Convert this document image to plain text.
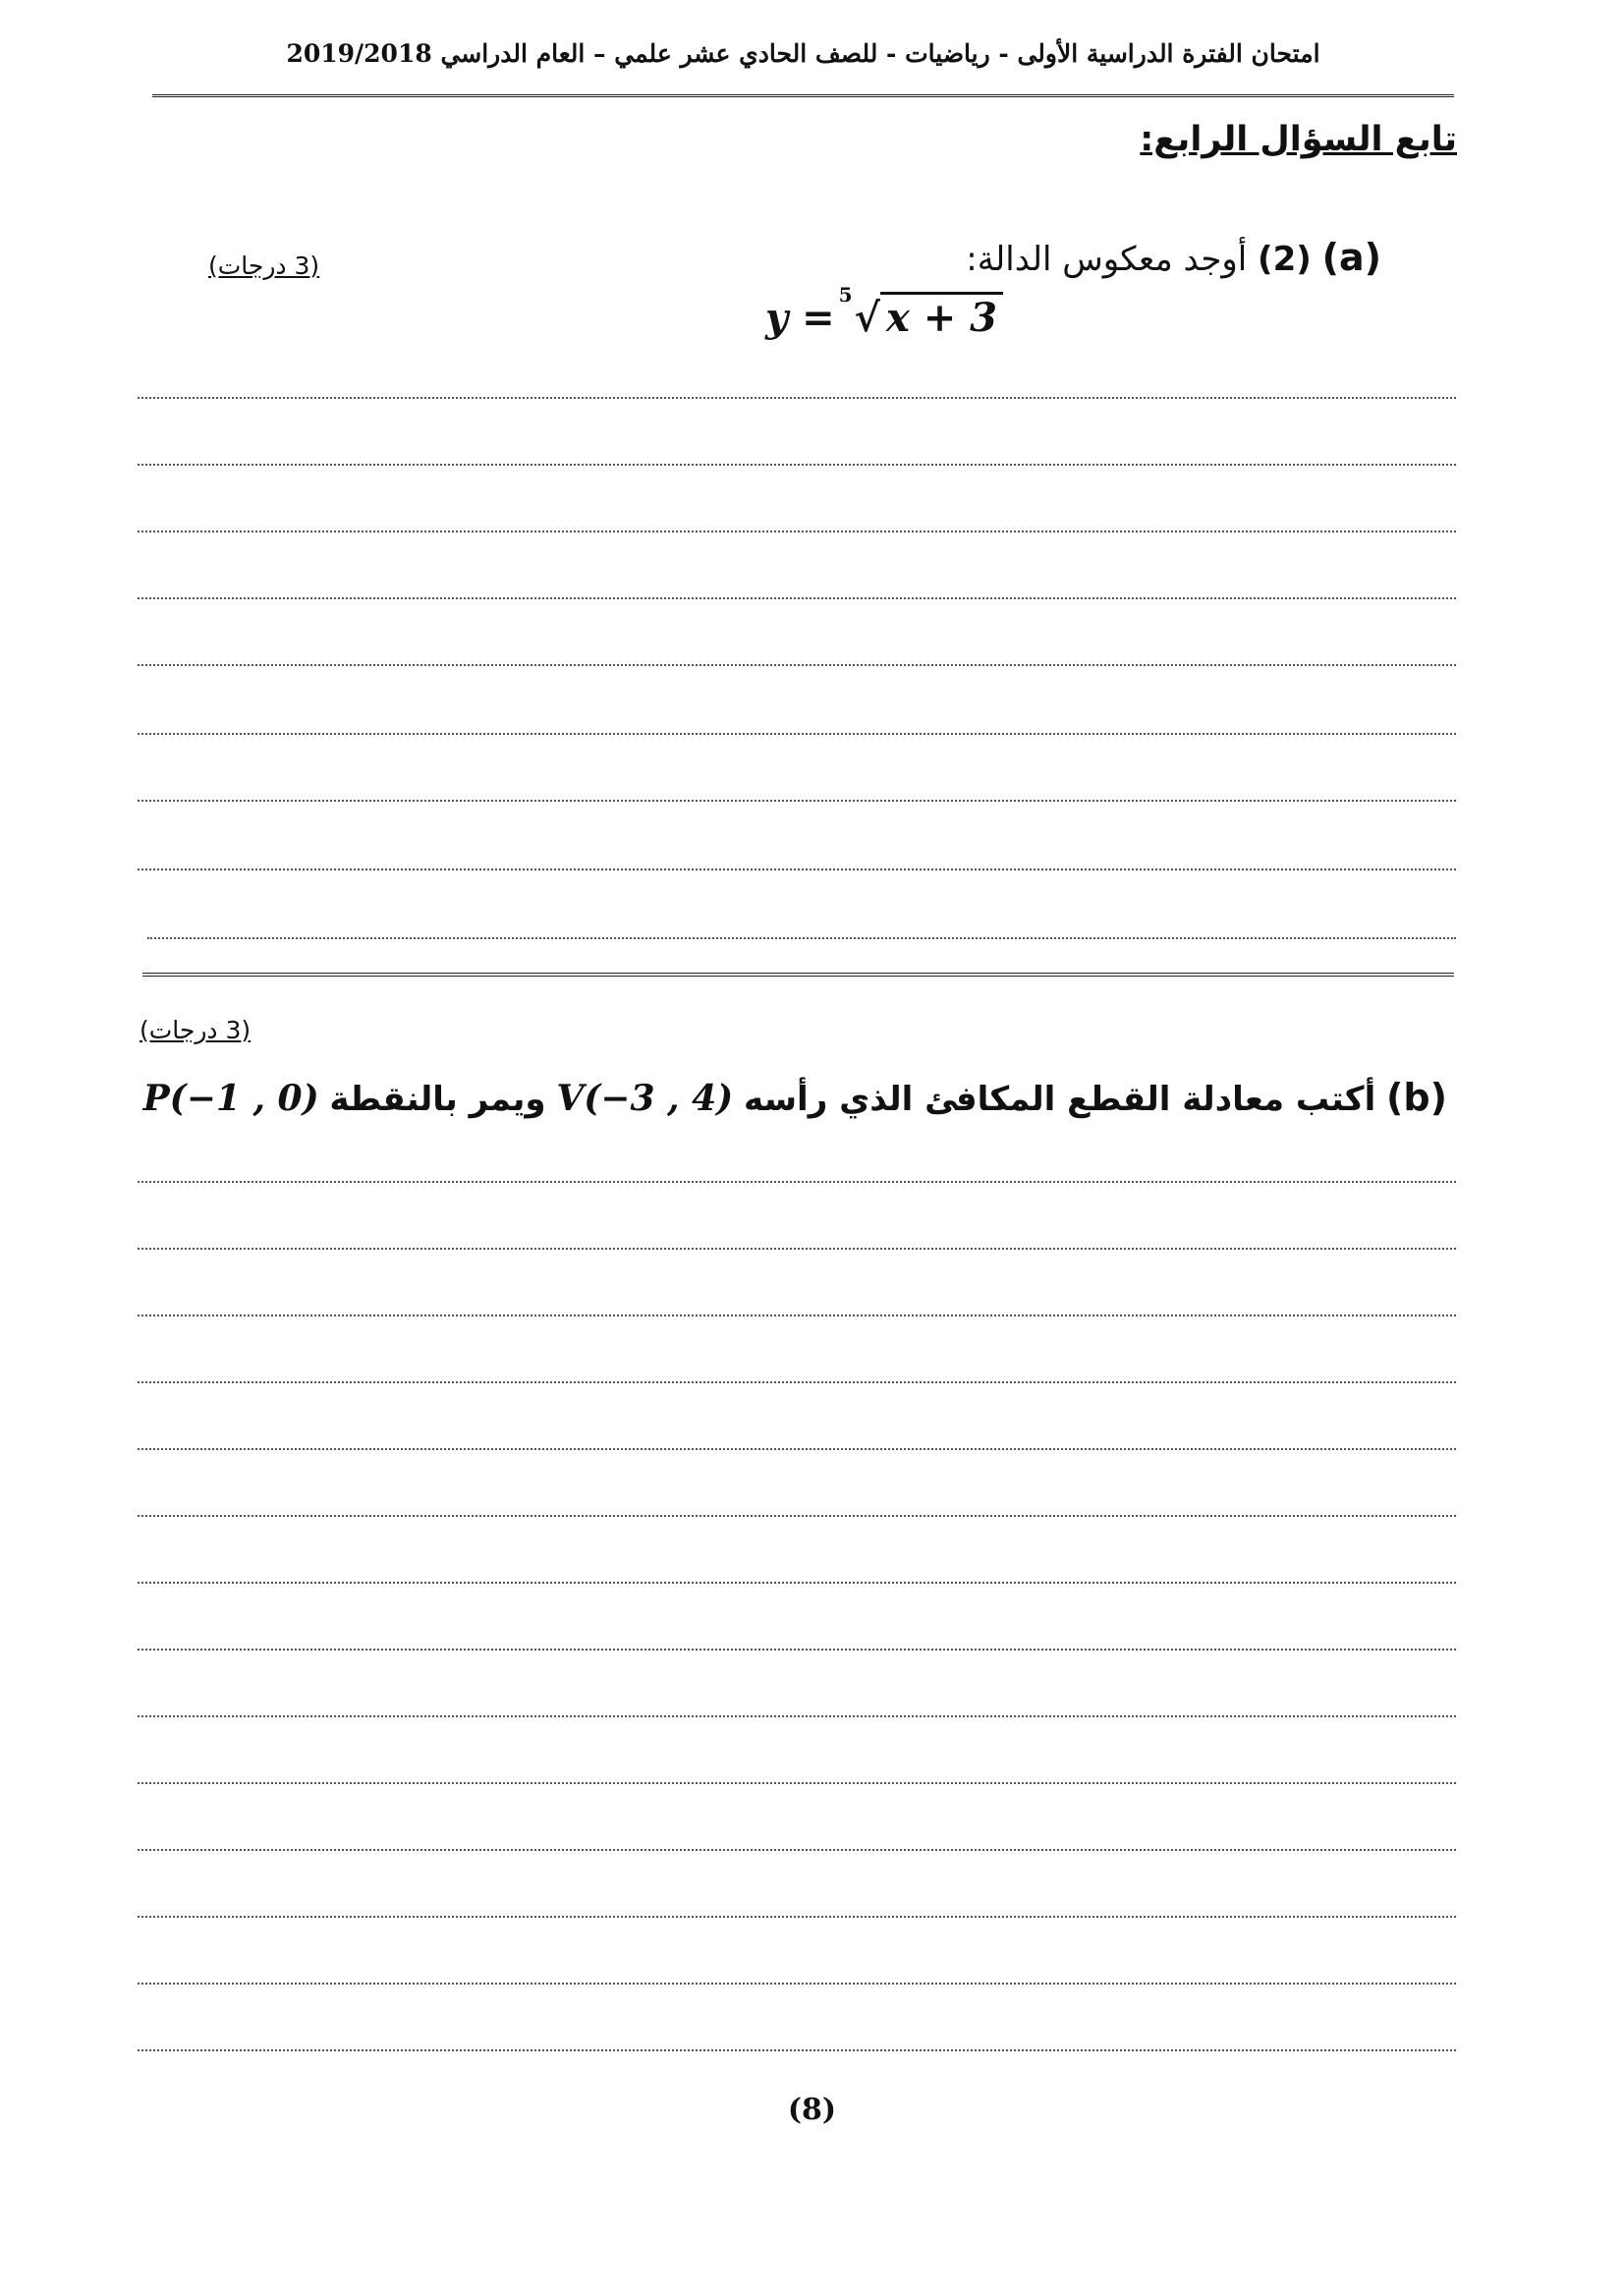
امتحان الفترة الدراسية الأولى - رياضيات - للصف الحادي عشر علمي – العام الدراسي 2019/2018
تابع السؤال الرابع:
(3 درجات)	(a) (2) أوجد معكوس الدالة:
y = 5 √ x + 3
(3 درجات)
(b) أكتب معادلة القطع المكافئ الذي رأسه V(−3 , 4) ويمر بالنقطة P(−1 , 0)
(8)
